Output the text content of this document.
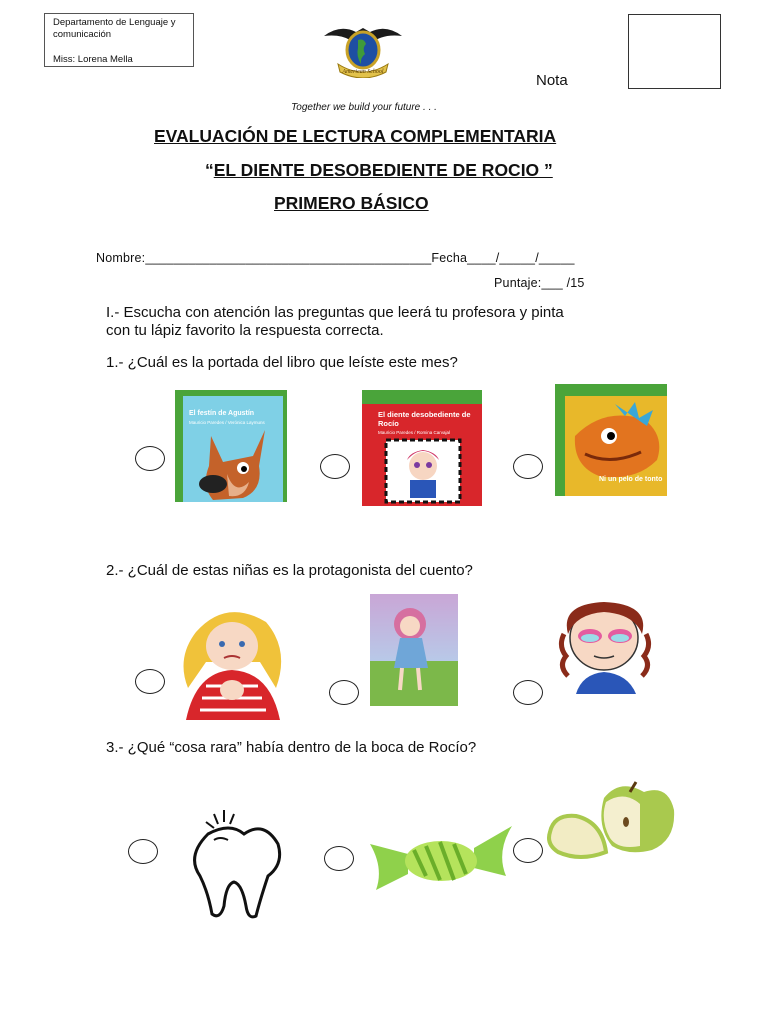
Departamento de Lenguaje y
comunicación
Miss: Lorena Mella
American School	Nota
Together we build your future . . .
EVALUACIÓN DE LECTURA COMPLEMENTARIA
“EL DIENTE DESOBEDIENTE DE ROCIO ”
PRIMERO BÁSICO
Nombre:________________________________________Fecha____/_____/_____
Puntaje:___ /15
I.- Escucha con atención las preguntas que leerá tu profesora y pinta
con tu lápiz favorito la respuesta correcta.
1.- ¿Cuál es la portada del libro que leíste este mes?
El festín de Agustín
Mauricio Paredes / Verónica Laymuns
El diente desobediente de Rocío
Mauricio Paredes / Romina Carvajal
Ni un pelo de tonto
2.- ¿Cuál de estas niñas es la protagonista del cuento?
3.- ¿Qué “cosa rara” había dentro de la boca de Rocío?
